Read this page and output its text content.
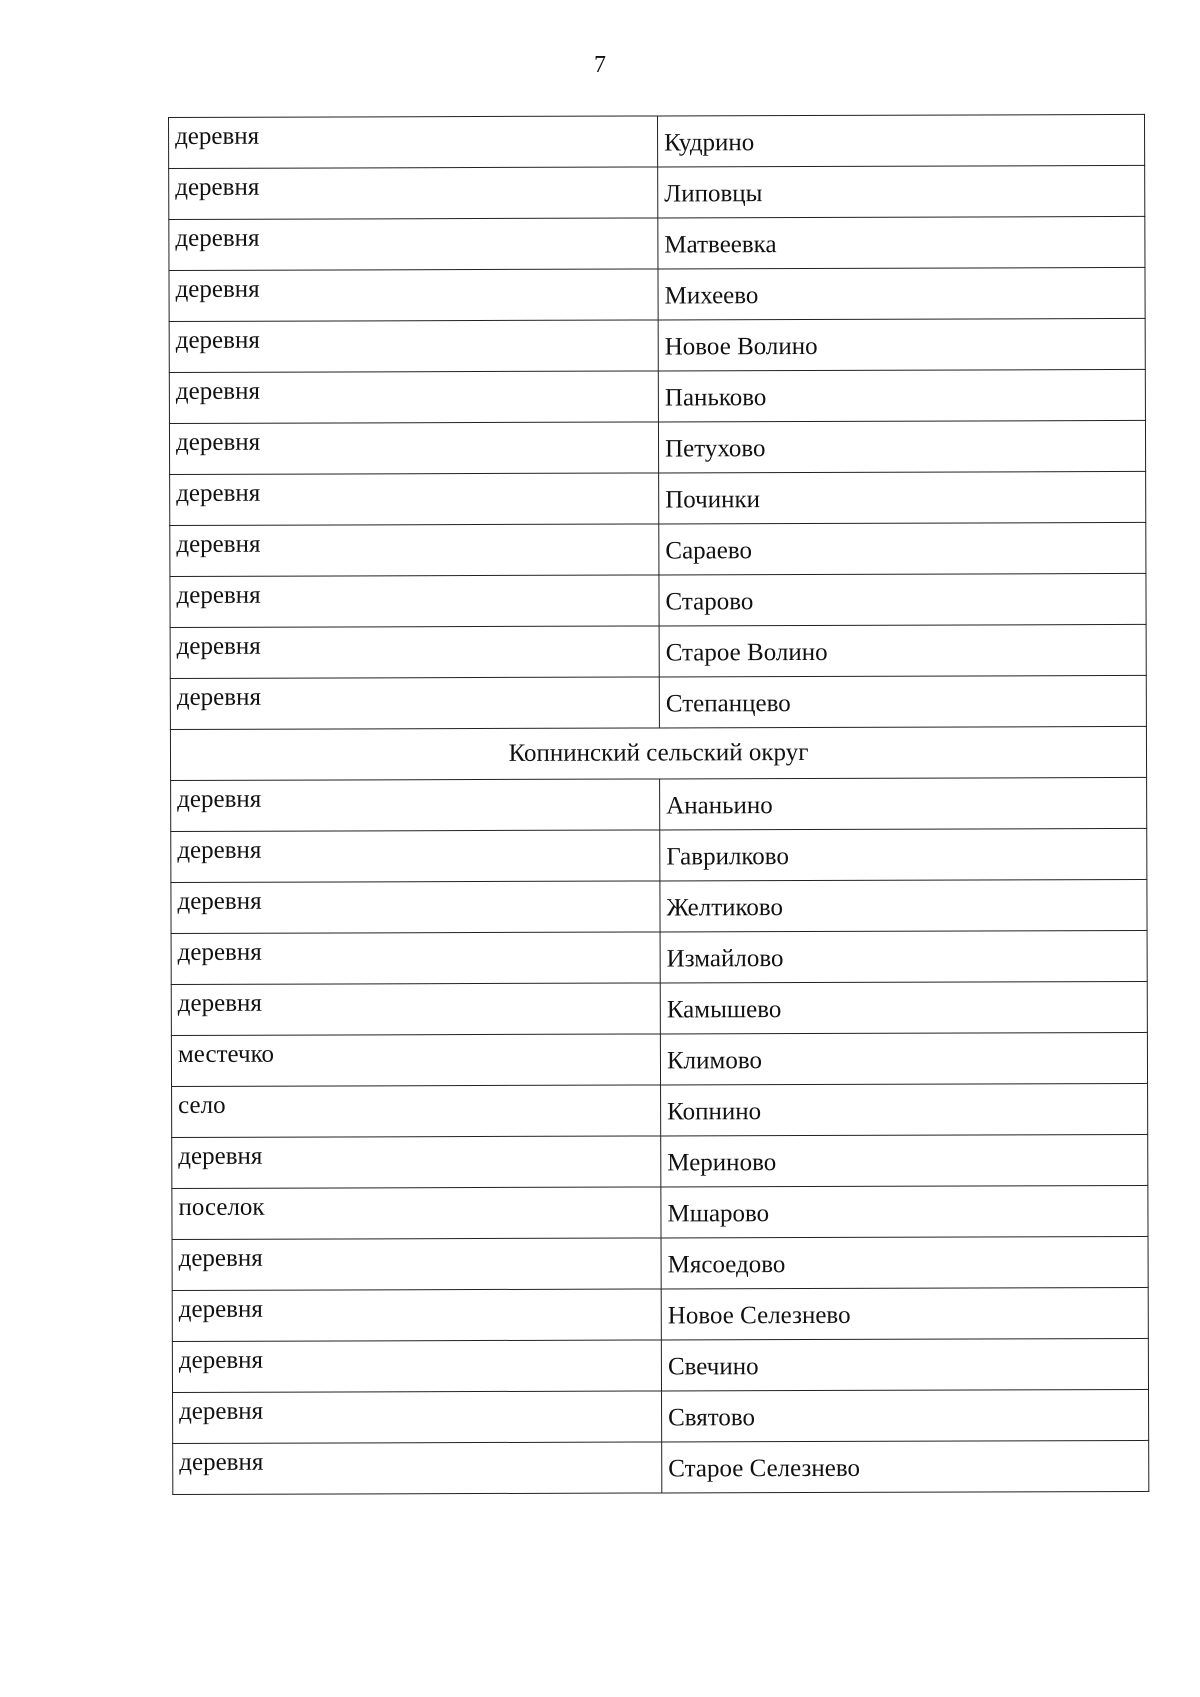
7
деревня	Кудрино
деревня	Липовцы
деревня	Матвеевка
деревня	Михеево
деревня	Новое Волино
деревня	Паньково
деревня	Петухово
деревня	Починки
деревня	Сараево
деревня	Старово
деревня	Старое Волино
деревня	Степанцево
Копнинский сельский округ	
деревня	Ананьино
деревня	Гаврилково
деревня	Желтиково
деревня	Измайлово
деревня	Камышево
местечко	Климово
село	Копнино
деревня	Мериново
поселок	Мшарово
деревня	Мясоедово
деревня	Новое Селезнево
деревня	Свечино
деревня	Святово
деревня	Старое Селезнево
